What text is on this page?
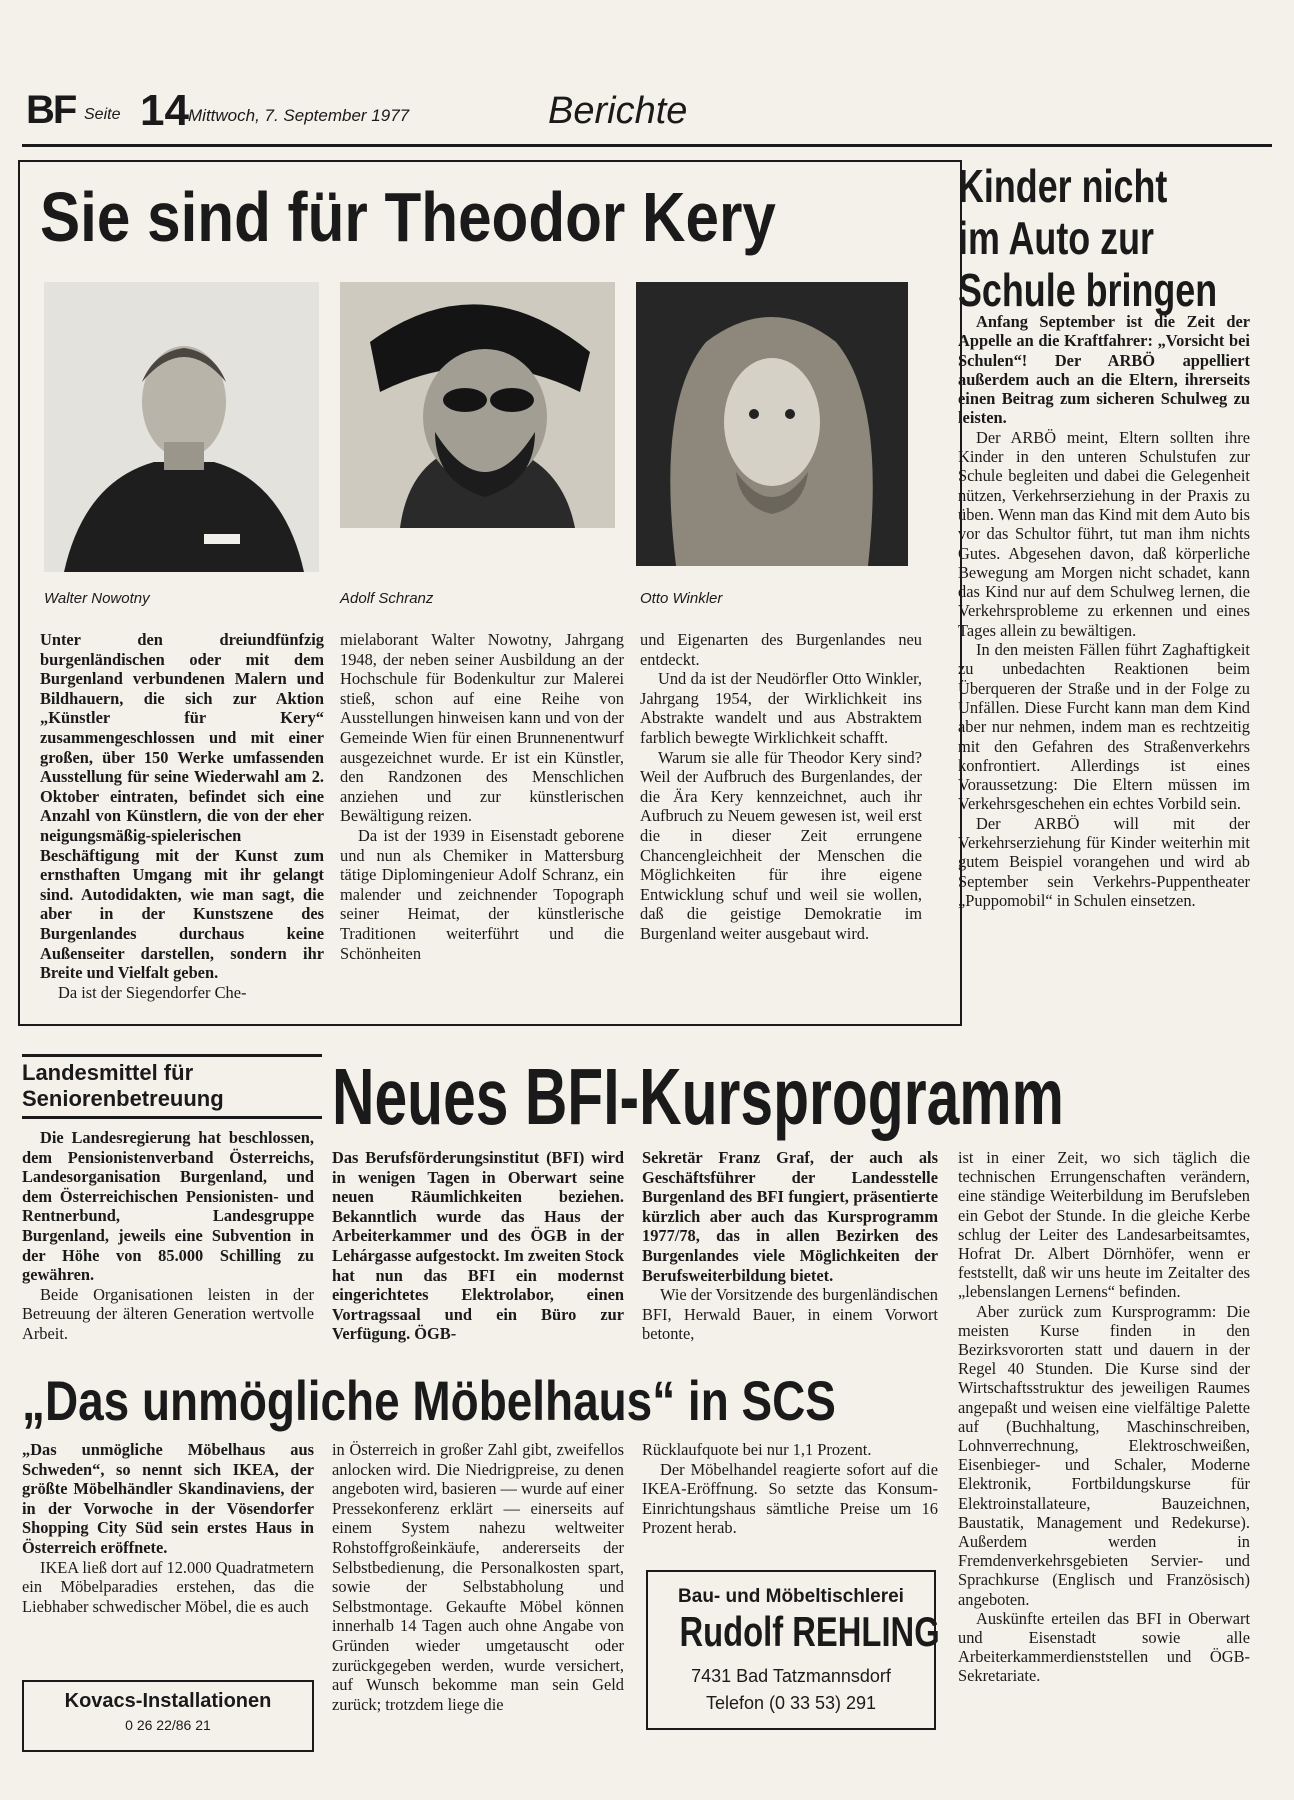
BF Seite 14 Mittwoch, 7. September 1977	Berichte
Sie sind für Theodor Kery
Walter Nowotny	Adolf Schranz	Otto Winkler

Unter den dreiundfünfzig burgenländischen oder mit dem Burgenland verbundenen Malern und Bildhauern, die sich zur Aktion „Künstler für Kery“ zusammengeschlossen und mit einer großen, über 150 Werke umfassenden Ausstellung für seine Wiederwahl am 2. Oktober eintraten, befindet sich eine Anzahl von Künstlern, die von der eher neigungsmäßig-spielerischen Beschäftigung mit der Kunst zum ernsthaften Umgang mit ihr gelangt sind. Autodidakten, wie man sagt, die aber in der Kunstszene des Burgenlandes durchaus keine Außenseiter darstellen, sondern ihr Breite und Vielfalt geben.

Da ist der Siegendorfer Che-

mielaborant Walter Nowotny, Jahrgang 1948, der neben seiner Ausbildung an der Hochschule für Bodenkultur zur Malerei stieß, schon auf eine Reihe von Ausstellungen hinweisen kann und von der Gemeinde Wien für einen Brunnenentwurf ausgezeichnet wurde. Er ist ein Künstler, den Randzonen des Menschlichen anziehen und zur künstlerischen Bewältigung reizen.

Da ist der 1939 in Eisenstadt geborene und nun als Chemiker in Mattersburg tätige Diplomingenieur Adolf Schranz, ein malender und zeichnender Topograph seiner Heimat, der künstlerische Traditionen weiterführt und die Schönheiten

und Eigenarten des Burgenlandes neu entdeckt.

Und da ist der Neudörfler Otto Winkler, Jahrgang 1954, der Wirklichkeit ins Abstrakte wandelt und aus Abstraktem farblich bewegte Wirklichkeit schafft.

Warum sie alle für Theodor Kery sind? Weil der Aufbruch des Burgenlandes, der die Ära Kery kennzeichnet, auch ihr Aufbruch zu Neuem gewesen ist, weil erst die in dieser Zeit errungene Chancengleichheit der Menschen die Möglichkeiten für ihre eigene Entwicklung schuf und weil sie wollen, daß die geistige Demokratie im Burgenland weiter ausgebaut wird.

Kinder nicht
im Auto zur
Schule bringen

Anfang September ist die Zeit der Appelle an die Kraftfahrer: „Vorsicht bei Schulen“! Der ARBÖ appelliert außerdem auch an die Eltern, ihrerseits einen Beitrag zum sicheren Schulweg zu leisten.

Der ARBÖ meint, Eltern sollten ihre Kinder in den unteren Schulstufen zur Schule begleiten und dabei die Gelegenheit nützen, Verkehrserziehung in der Praxis zu üben. Wenn man das Kind mit dem Auto bis vor das Schultor führt, tut man ihm nichts Gutes. Abgesehen davon, daß körperliche Bewegung am Morgen nicht schadet, kann das Kind nur auf dem Schulweg lernen, die Verkehrsprobleme zu erkennen und eines Tages allein zu bewältigen.

In den meisten Fällen führt Zaghaftigkeit zu unbedachten Reaktionen beim Überqueren der Straße und in der Folge zu Unfällen. Diese Furcht kann man dem Kind aber nur nehmen, indem man es rechtzeitig mit den Gefahren des Straßenverkehrs konfrontiert. Allerdings ist eines Voraussetzung: Die Eltern müssen im Verkehrsgeschehen ein echtes Vorbild sein.

Der ARBÖ will mit der Verkehrserziehung für Kinder weiterhin mit gutem Beispiel vorangehen und wird ab September sein Verkehrs-Puppentheater „Puppomobil“ in Schulen einsetzen.

Landesmittel für
Seniorenbetreuung

Die Landesregierung hat beschlossen, dem Pensionistenverband Österreichs, Landesorganisation Burgenland, und dem Österreichischen Pensionisten- und Rentnerbund, Landesgruppe Burgenland, jeweils eine Subvention in der Höhe von 85.000 Schilling zu gewähren.

Beide Organisationen leisten in der Betreuung der älteren Generation wertvolle Arbeit.

Neues BFI-Kursprogramm

Das Berufsförderungsinstitut (BFI) wird in wenigen Tagen in Oberwart seine neuen Räumlichkeiten beziehen. Bekanntlich wurde das Haus der Arbeiterkammer und des ÖGB in der Lehárgasse aufgestockt. Im zweiten Stock hat nun das BFI ein modernst eingerichtetes Elektrolabor, einen Vortragssaal und ein Büro zur Verfügung. ÖGB-

Sekretär Franz Graf, der auch als Geschäftsführer der Landesstelle Burgenland des BFI fungiert, präsentierte kürzlich aber auch das Kursprogramm 1977/78, das in allen Bezirken des Burgenlandes viele Möglichkeiten der Berufsweiterbildung bietet.

Wie der Vorsitzende des burgenländischen BFI, Herwald Bauer, in einem Vorwort betonte,

ist in einer Zeit, wo sich täglich die technischen Errungenschaften verändern, eine ständige Weiterbildung im Berufsleben ein Gebot der Stunde. In die gleiche Kerbe schlug der Leiter des Landesarbeitsamtes, Hofrat Dr. Albert Dörnhöfer, wenn er feststellt, daß wir uns heute im Zeitalter des „lebenslangen Lernens“ befinden.

Aber zurück zum Kursprogramm: Die meisten Kurse finden in den Bezirksvororten statt und dauern in der Regel 40 Stunden. Die Kurse sind der Wirtschaftsstruktur des jeweiligen Raumes angepaßt und weisen eine vielfältige Palette auf (Buchhaltung, Maschinschreiben, Lohnverrechnung, Elektroschweißen, Eisenbieger- und Schaler, Moderne Elektronik, Fortbildungskurse für Elektroinstallateure, Bauzeichnen, Baustatik, Management und Redekurse). Außerdem werden in Fremdenverkehrsgebieten Servier- und Sprachkurse (Englisch und Französisch) angeboten.

Auskünfte erteilen das BFI in Oberwart und Eisenstadt sowie alle Arbeiterkammerdienststellen und ÖGB-Sekretariate.

„Das unmögliche Möbelhaus“ in SCS

„Das unmögliche Möbelhaus aus Schweden“, so nennt sich IKEA, der größte Möbelhändler Skandinaviens, der in der Vorwoche in der Vösendorfer Shopping City Süd sein erstes Haus in Österreich eröffnete.

IKEA ließ dort auf 12.000 Quadratmetern ein Möbelparadies erstehen, das die Liebhaber schwedischer Möbel, die es auch

in Österreich in großer Zahl gibt, zweifellos anlocken wird. Die Niedrigpreise, zu denen angeboten wird, basieren — wurde auf einer Pressekonferenz erklärt — einerseits auf einem System nahezu weltweiter Rohstoffgroßeinkäufe, andererseits der Selbstbedienung, die Personalkosten spart, sowie der Selbstabholung und Selbstmontage. Gekaufte Möbel können innerhalb 14 Tagen auch ohne Angabe von Gründen wieder umgetauscht oder zurückgegeben werden, wurde versichert, auf Wunsch bekomme man sein Geld zurück; trotzdem liege die

Rücklaufquote bei nur 1,1 Prozent.

Der Möbelhandel reagierte sofort auf die IKEA-Eröffnung. So setzte das Konsum-Einrichtungshaus sämtliche Preise um 16 Prozent herab.

Kovacs-Installationen
0 26 22/86 21
Bau- und Möbeltischlerei
Rudolf REHLING
7431 Bad Tatzmannsdorf
Telefon (0 33 53) 291
